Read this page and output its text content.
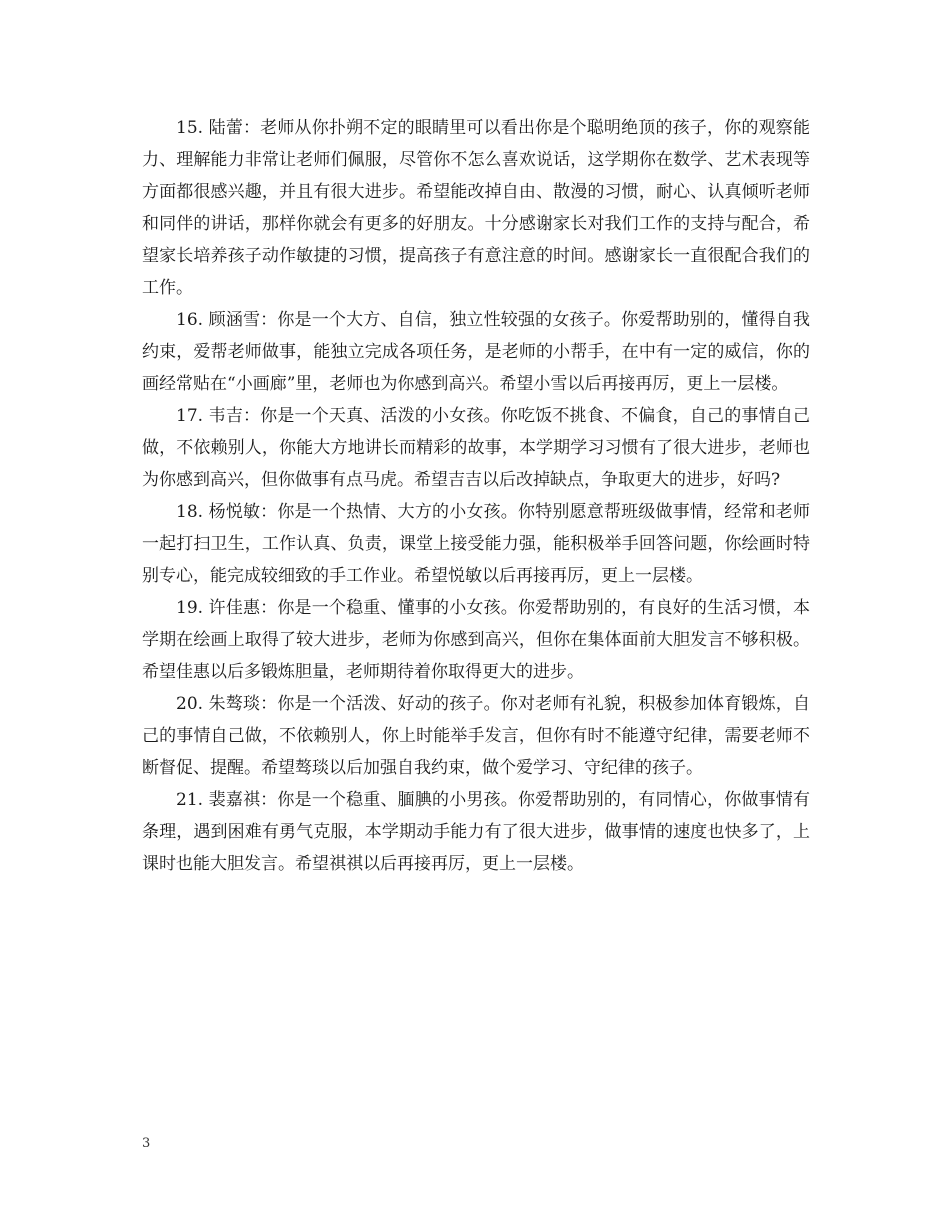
15. 陆蕾：老师从你扑朔不定的眼睛里可以看出你是个聪明绝顶的孩子，你的观察能力、理解能力非常让老师们佩服，尽管你不怎么喜欢说话，这学期你在数学、艺术表现等方面都很感兴趣，并且有很大进步。希望能改掉自由、散漫的习惯，耐心、认真倾听老师和同伴的讲话，那样你就会有更多的好朋友。十分感谢家长对我们工作的支持与配合，希望家长培养孩子动作敏捷的习惯，提高孩子有意注意的时间。感谢家长一直很配合我们的工作。

16. 顾涵雪：你是一个大方、自信，独立性较强的女孩子。你爱帮助别的，懂得自我约束，爱帮老师做事，能独立完成各项任务，是老师的小帮手，在中有一定的威信，你的画经常贴在“小画廊”里，老师也为你感到高兴。希望小雪以后再接再厉，更上一层楼。

17. 韦吉：你是一个天真、活泼的小女孩。你吃饭不挑食、不偏食，自己的事情自己做，不依赖别人，你能大方地讲长而精彩的故事，本学期学习习惯有了很大进步，老师也为你感到高兴，但你做事有点马虎。希望吉吉以后改掉缺点，争取更大的进步，好吗?

18. 杨悦敏：你是一个热情、大方的小女孩。你特别愿意帮班级做事情，经常和老师一起打扫卫生，工作认真、负责，课堂上接受能力强，能积极举手回答问题，你绘画时特别专心，能完成较细致的手工作业。希望悦敏以后再接再厉，更上一层楼。

19. 许佳惠：你是一个稳重、懂事的小女孩。你爱帮助别的，有良好的生活习惯，本学期在绘画上取得了较大进步，老师为你感到高兴，但你在集体面前大胆发言不够积极。希望佳惠以后多锻炼胆量，老师期待着你取得更大的进步。

20. 朱骜琰：你是一个活泼、好动的孩子。你对老师有礼貌，积极参加体育锻炼，自己的事情自己做，不依赖别人，你上时能举手发言，但你有时不能遵守纪律，需要老师不断督促、提醒。希望骜琰以后加强自我约束，做个爱学习、守纪律的孩子。

21. 裴嘉祺：你是一个稳重、腼腆的小男孩。你爱帮助别的，有同情心，你做事情有条理，遇到困难有勇气克服，本学期动手能力有了很大进步，做事情的速度也快多了，上课时也能大胆发言。希望祺祺以后再接再厉，更上一层楼。

3
